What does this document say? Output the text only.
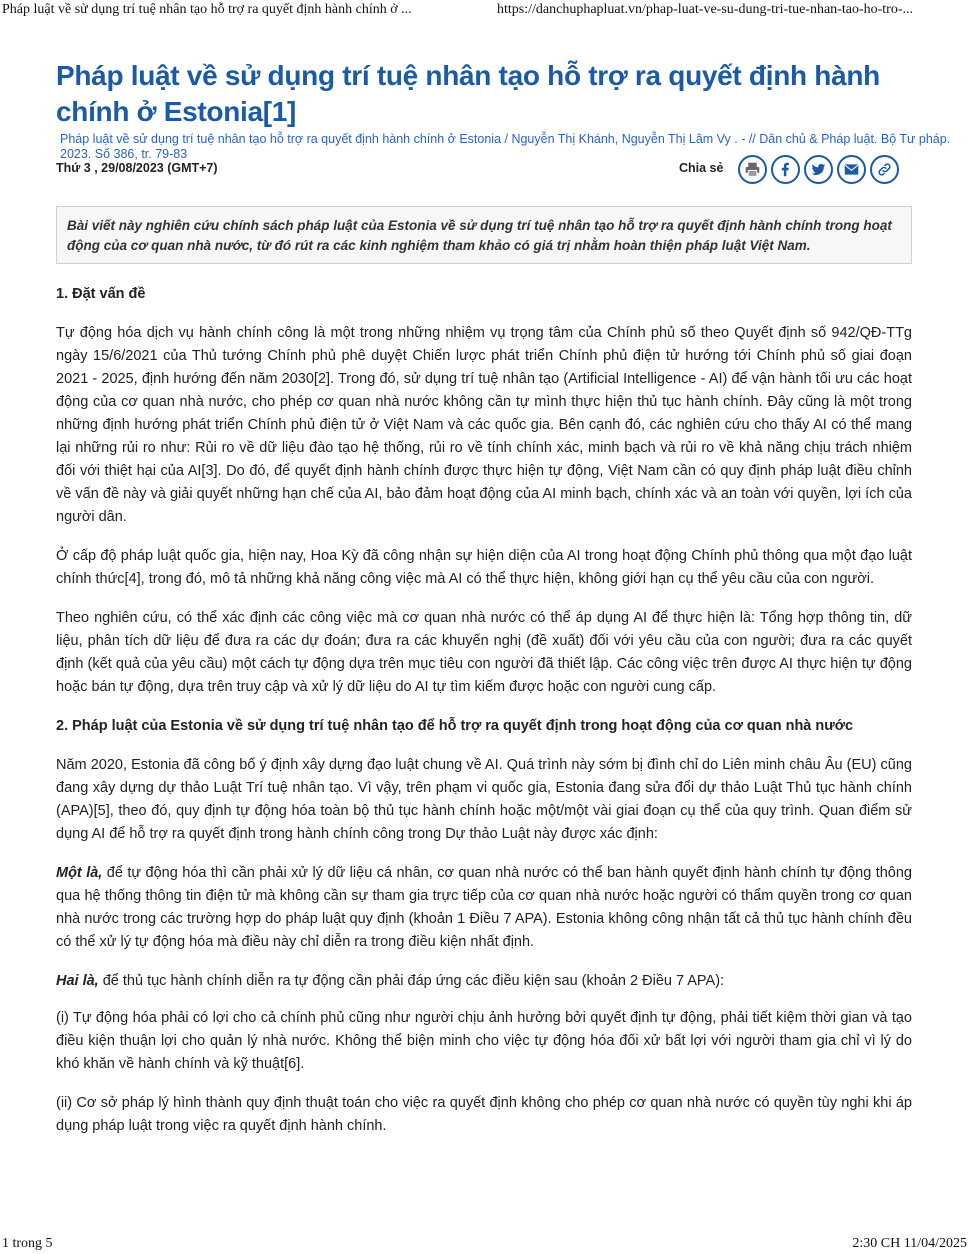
Pháp luật về sử dụng trí tuệ nhân tạo hỗ trợ ra quyết định hành chính ở ...	https://danchuphapluat.vn/phap-luat-ve-su-dung-tri-tue-nhan-tao-ho-tro-...
Pháp luật về sử dụng trí tuệ nhân tạo hỗ trợ ra quyết định hành chính ở Estonia[1]
Pháp luật về sử dụng trí tuệ nhân tạo hỗ trợ ra quyết định hành chính ở Estonia / Nguyễn Thị Khánh, Nguyễn Thị Lâm Vy . - // Dân chủ & Pháp luật. Bộ Tư pháp. 2023. Số 386, tr. 79-83
Thứ 3 , 29/08/2023 (GMT+7)	Chia sẻ
Bài viết này nghiên cứu chính sách pháp luật của Estonia về sử dụng trí tuệ nhân tạo hỗ trợ ra quyết định hành chính trong hoạt động của cơ quan nhà nước, từ đó rút ra các kinh nghiệm tham khảo có giá trị nhằm hoàn thiện pháp luật Việt Nam.
1. Đặt vấn đề

Tự động hóa dịch vụ hành chính công là một trong những nhiệm vụ trọng tâm của Chính phủ số theo Quyết định số 942/QĐ-TTg ngày 15/6/2021 của Thủ tướng Chính phủ phê duyệt Chiến lược phát triển Chính phủ điện tử hướng tới Chính phủ số giai đoạn 2021 - 2025, định hướng đến năm 2030[2]. Trong đó, sử dụng trí tuệ nhân tạo (Artificial Intelligence - AI) để vận hành tối ưu các hoạt động của cơ quan nhà nước, cho phép cơ quan nhà nước không cần tự mình thực hiện thủ tục hành chính. Đây cũng là một trong những định hướng phát triển Chính phủ điện tử ở Việt Nam và các quốc gia. Bên cạnh đó, các nghiên cứu cho thấy AI có thể mang lại những rủi ro như: Rủi ro về dữ liệu đào tạo hệ thống, rủi ro về tính chính xác, minh bạch và rủi ro về khả năng chịu trách nhiệm đối với thiệt hại của AI[3]. Do đó, để quyết định hành chính được thực hiện tự động, Việt Nam cần có quy định pháp luật điều chỉnh về vấn đề này và giải quyết những hạn chế của AI, bảo đảm hoạt động của AI minh bạch, chính xác và an toàn với quyền, lợi ích của người dân.

Ở cấp độ pháp luật quốc gia, hiện nay, Hoa Kỳ đã công nhận sự hiện diện của AI trong hoạt động Chính phủ thông qua một đạo luật chính thức[4], trong đó, mô tả những khả năng công việc mà AI có thể thực hiện, không giới hạn cụ thể yêu cầu của con người.

Theo nghiên cứu, có thể xác định các công việc mà cơ quan nhà nước có thể áp dụng AI để thực hiện là: Tổng hợp thông tin, dữ liệu, phân tích dữ liệu để đưa ra các dự đoán; đưa ra các khuyến nghị (đề xuất) đối với yêu cầu của con người; đưa ra các quyết định (kết quả của yêu cầu) một cách tự động dựa trên mục tiêu con người đã thiết lập. Các công việc trên được AI thực hiện tự động hoặc bán tự động, dựa trên truy cập và xử lý dữ liệu do AI tự tìm kiếm được hoặc con người cung cấp.

2. Pháp luật của Estonia về sử dụng trí tuệ nhân tạo để hỗ trợ ra quyết định trong hoạt động của cơ quan nhà nước

Năm 2020, Estonia đã công bố ý định xây dựng đạo luật chung về AI. Quá trình này sớm bị đình chỉ do Liên minh châu Âu (EU) cũng đang xây dựng dự thảo Luật Trí tuệ nhân tạo. Vì vậy, trên phạm vi quốc gia, Estonia đang sửa đổi dự thảo Luật Thủ tục hành chính (APA)[5], theo đó, quy định tự động hóa toàn bộ thủ tục hành chính hoặc một/một vài giai đoạn cụ thể của quy trình. Quan điểm sử dụng AI để hỗ trợ ra quyết định trong hành chính công trong Dự thảo Luật này được xác định:

Một là, để tự động hóa thì cần phải xử lý dữ liệu cá nhân, cơ quan nhà nước có thể ban hành quyết định hành chính tự động thông qua hệ thống thông tin điện tử mà không cần sự tham gia trực tiếp của cơ quan nhà nước hoặc người có thẩm quyền trong cơ quan nhà nước trong các trường hợp do pháp luật quy định (khoản 1 Điều 7 APA). Estonia không công nhận tất cả thủ tục hành chính đều có thể xử lý tự động hóa mà điều này chỉ diễn ra trong điều kiện nhất định.

Hai là, để thủ tục hành chính diễn ra tự động cần phải đáp ứng các điều kiện sau (khoản 2 Điều 7 APA):

(i) Tự động hóa phải có lợi cho cả chính phủ cũng như người chịu ảnh hưởng bởi quyết định tự động, phải tiết kiệm thời gian và tạo điều kiện thuận lợi cho quản lý nhà nước. Không thể biện minh cho việc tự động hóa đối xử bất lợi với người tham gia chỉ vì lý do khó khăn về hành chính và kỹ thuật[6].

(ii) Cơ sở pháp lý hình thành quy định thuật toán cho việc ra quyết định không cho phép cơ quan nhà nước có quyền tùy nghi khi áp dụng pháp luật trong việc ra quyết định hành chính.

1 trong 5	2:30 CH 11/04/2025
